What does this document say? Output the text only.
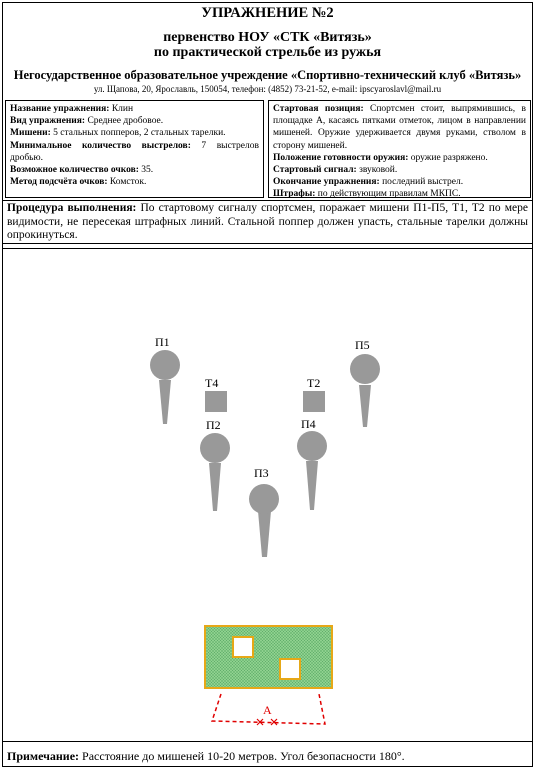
УПРАЖНЕНИЕ №2
первенство НОУ «СТК «Витязь»
по практической стрельбе из ружья
Негосударственное образовательное учреждение «Спортивно-технический клуб «Витязь»
ул. Щапова, 20, Ярославль, 150054, телефон: (4852) 73-21-52, e-mail: ipscyaroslavl@mail.ru

Название упражнения: Клин

Вид упражнения: Среднее дробовое.

Мишени: 5 стальных попперов, 2 стальных тарелки.

Минимальное количество выстрелов: 7 выстрелов дробью.

Возможное количество очков: 35.

Метод подсчёта очков: Комсток.

Стартовая позиция: Спортсмен стоит, выпрямившись, в площадке А, касаясь пятками отметок, лицом в направлении мишеней. Оружие удерживается двумя руками, стволом в сторону мишеней.

Положение готовности оружия: оружие разряжено.

Стартовый сигнал: звуковой.

Окончание упражнения: последний выстрел.

Штрафы: по действующим правилам МКПС.

Процедура выполнения: По стартовому сигналу спортсмен, поражает мишени П1-П5, Т1, Т2 по мере видимости, не пересекая штрафных линий. Стальной поппер должен упасть, стальные тарелки должны опрокинуться.
П1	П5
Т4	Т2
П2	П4
П3
А
Примечание: Расстояние до мишеней 10-20 метров. Угол безопасности 180°.
